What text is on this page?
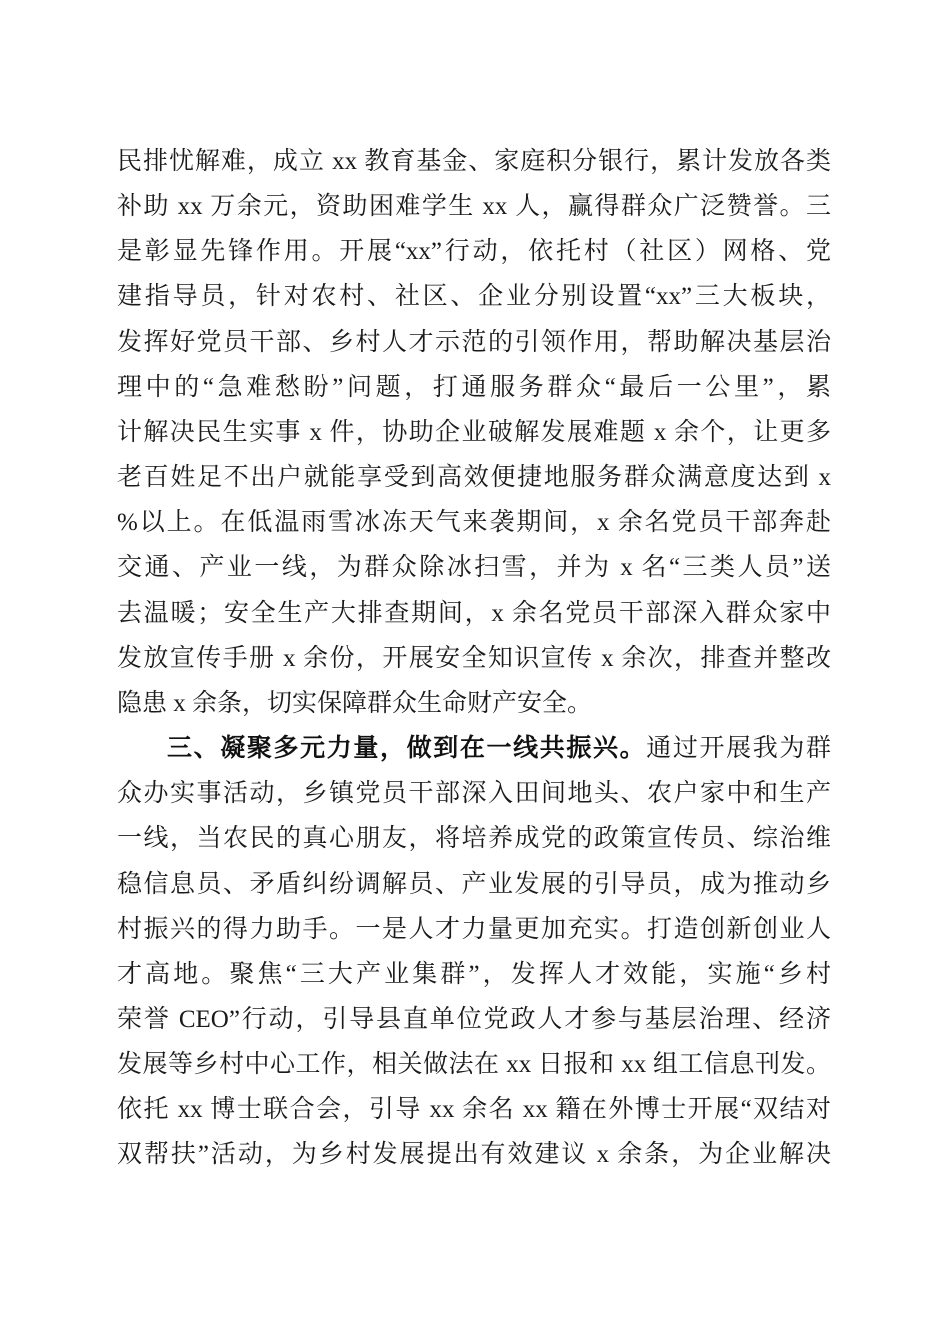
民排忧解难，成立 xx 教育基金、家庭积分银行，累计发放各类
补助 xx 万余元，资助困难学生 xx 人，赢得群众广泛赞誉。三
是彰显先锋作用。开展“xx”行动，依托村（社区）网格、党
建指导员，针对农村、社区、企业分别设置“xx”三大板块，
发挥好党员干部、乡村人才示范的引领作用，帮助解决基层治
理中的“急难愁盼”问题，打通服务群众“最后一公里”，累
计解决民生实事 x 件，协助企业破解发展难题 x 余个，让更多
老百姓足不出户就能享受到高效便捷地服务群众满意度达到 x
%以上。在低温雨雪冰冻天气来袭期间，x 余名党员干部奔赴
交通、产业一线，为群众除冰扫雪，并为 x 名“三类人员”送
去温暖；安全生产大排查期间，x 余名党员干部深入群众家中
发放宣传手册 x 余份，开展安全知识宣传 x 余次，排查并整改
隐患 x 余条，切实保障群众生命财产安全。
三、凝聚多元力量，做到在一线共振兴。通过开展我为群
众办实事活动，乡镇党员干部深入田间地头、农户家中和生产
一线，当农民的真心朋友，将培养成党的政策宣传员、综治维
稳信息员、矛盾纠纷调解员、产业发展的引导员，成为推动乡
村振兴的得力助手。一是人才力量更加充实。打造创新创业人
才高地。聚焦“三大产业集群”，发挥人才效能，实施“乡村
荣誉 CEO”行动，引导县直单位党政人才参与基层治理、经济
发展等乡村中心工作，相关做法在 xx 日报和 xx 组工信息刊发。
依托 xx 博士联合会，引导 xx 余名 xx 籍在外博士开展“双结对
双帮扶”活动，为乡村发展提出有效建议 x 余条，为企业解决
